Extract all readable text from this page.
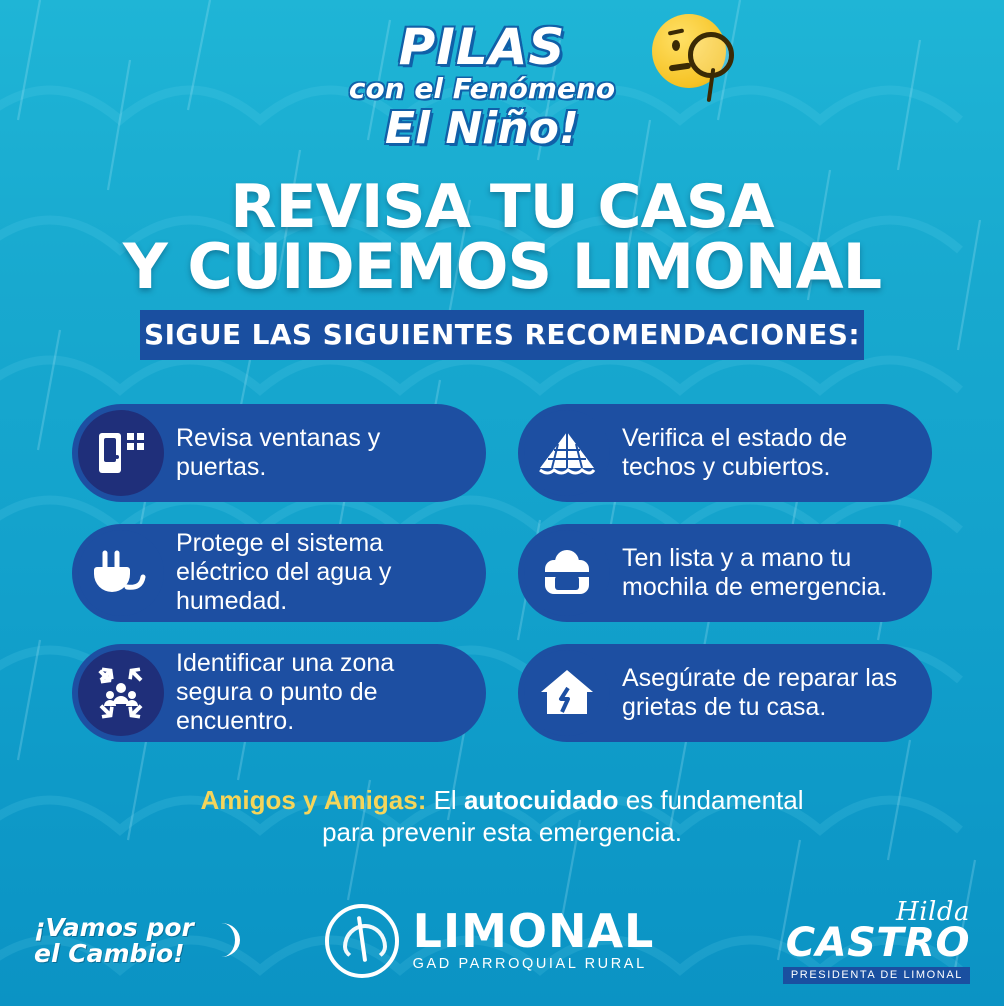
PILAS
con el Fenómeno
El Niño!
REVISA TU CASA
Y CUIDEMOS LIMONAL
SIGUE LAS SIGUIENTES RECOMENDACIONES:
Revisa ventanas y puertas.
Verifica el estado de techos y cubiertos.
Protege el sistema eléctrico del agua y humedad.
Ten lista y a mano tu mochila de emergencia.
Identificar una zona segura o punto de encuentro.
Asegúrate de reparar las grietas de tu casa.
Amigos y Amigas: El autocuidado es fundamental
para prevenir esta emergencia.
¡Vamos por
el Cambio!	LIMONAL
GAD PARROQUIAL RURAL
Hilda
CASTRO
PRESIDENTA DE LIMONAL
